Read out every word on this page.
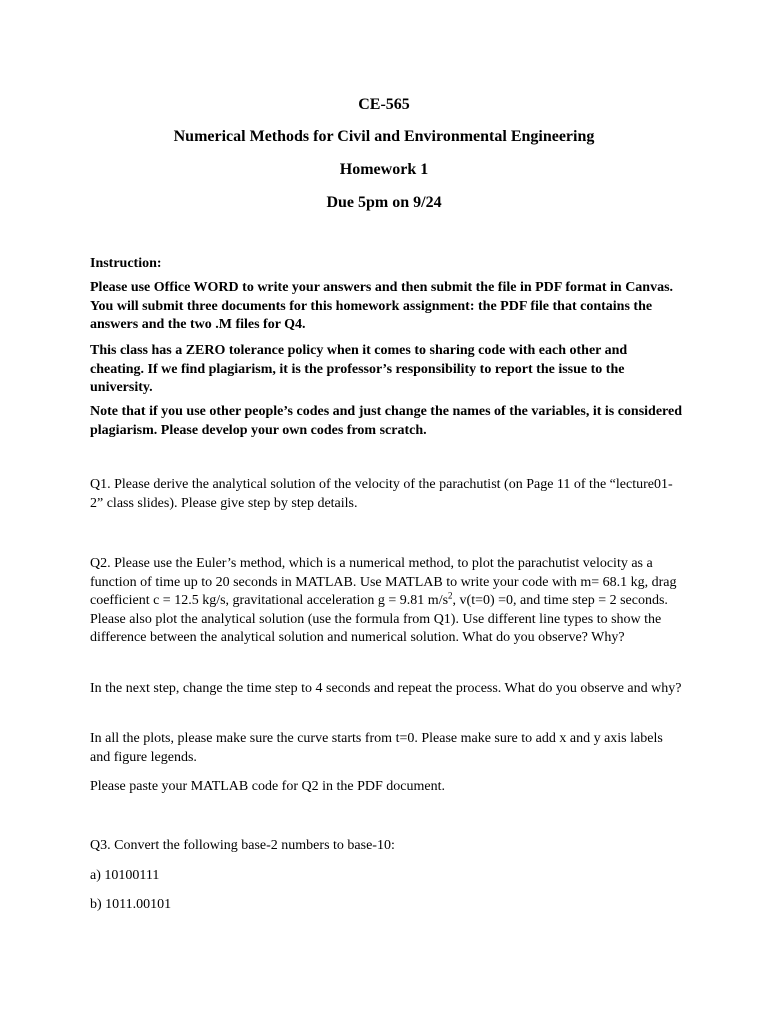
CE-565
Numerical Methods for Civil and Environmental Engineering
Homework 1
Due 5pm on 9/24
Instruction:
Please use Office WORD to write your answers and then submit the file in PDF format in Canvas. You will submit three documents for this homework assignment: the PDF file that contains the answers and the two .M files for Q4.
This class has a ZERO tolerance policy when it comes to sharing code with each other and cheating. If we find plagiarism, it is the professor’s responsibility to report the issue to the university.
Note that if you use other people’s codes and just change the names of the variables, it is considered plagiarism. Please develop your own codes from scratch.
Q1. Please derive the analytical solution of the velocity of the parachutist (on Page 11 of the “lecture01-2” class slides). Please give step by step details.
Q2. Please use the Euler’s method, which is a numerical method, to plot the parachutist velocity as a function of time up to 20 seconds in MATLAB. Use MATLAB to write your code with m= 68.1 kg, drag coefficient c = 12.5 kg/s, gravitational acceleration g = 9.81 $m/s^2$, v(t=0) =0, and time step = 2 seconds. Please also plot the analytical solution (use the formula from Q1). Use different line types to show the difference between the analytical solution and numerical solution. What do you observe? Why?
In the next step, change the time step to 4 seconds and repeat the process. What do you observe and why?
In all the plots, please make sure the curve starts from t=0. Please make sure to add x and y axis labels and figure legends.
Please paste your MATLAB code for Q2 in the PDF document.
Q3. Convert the following base-2 numbers to base-10:
a) 10100111
b) 1011.00101
